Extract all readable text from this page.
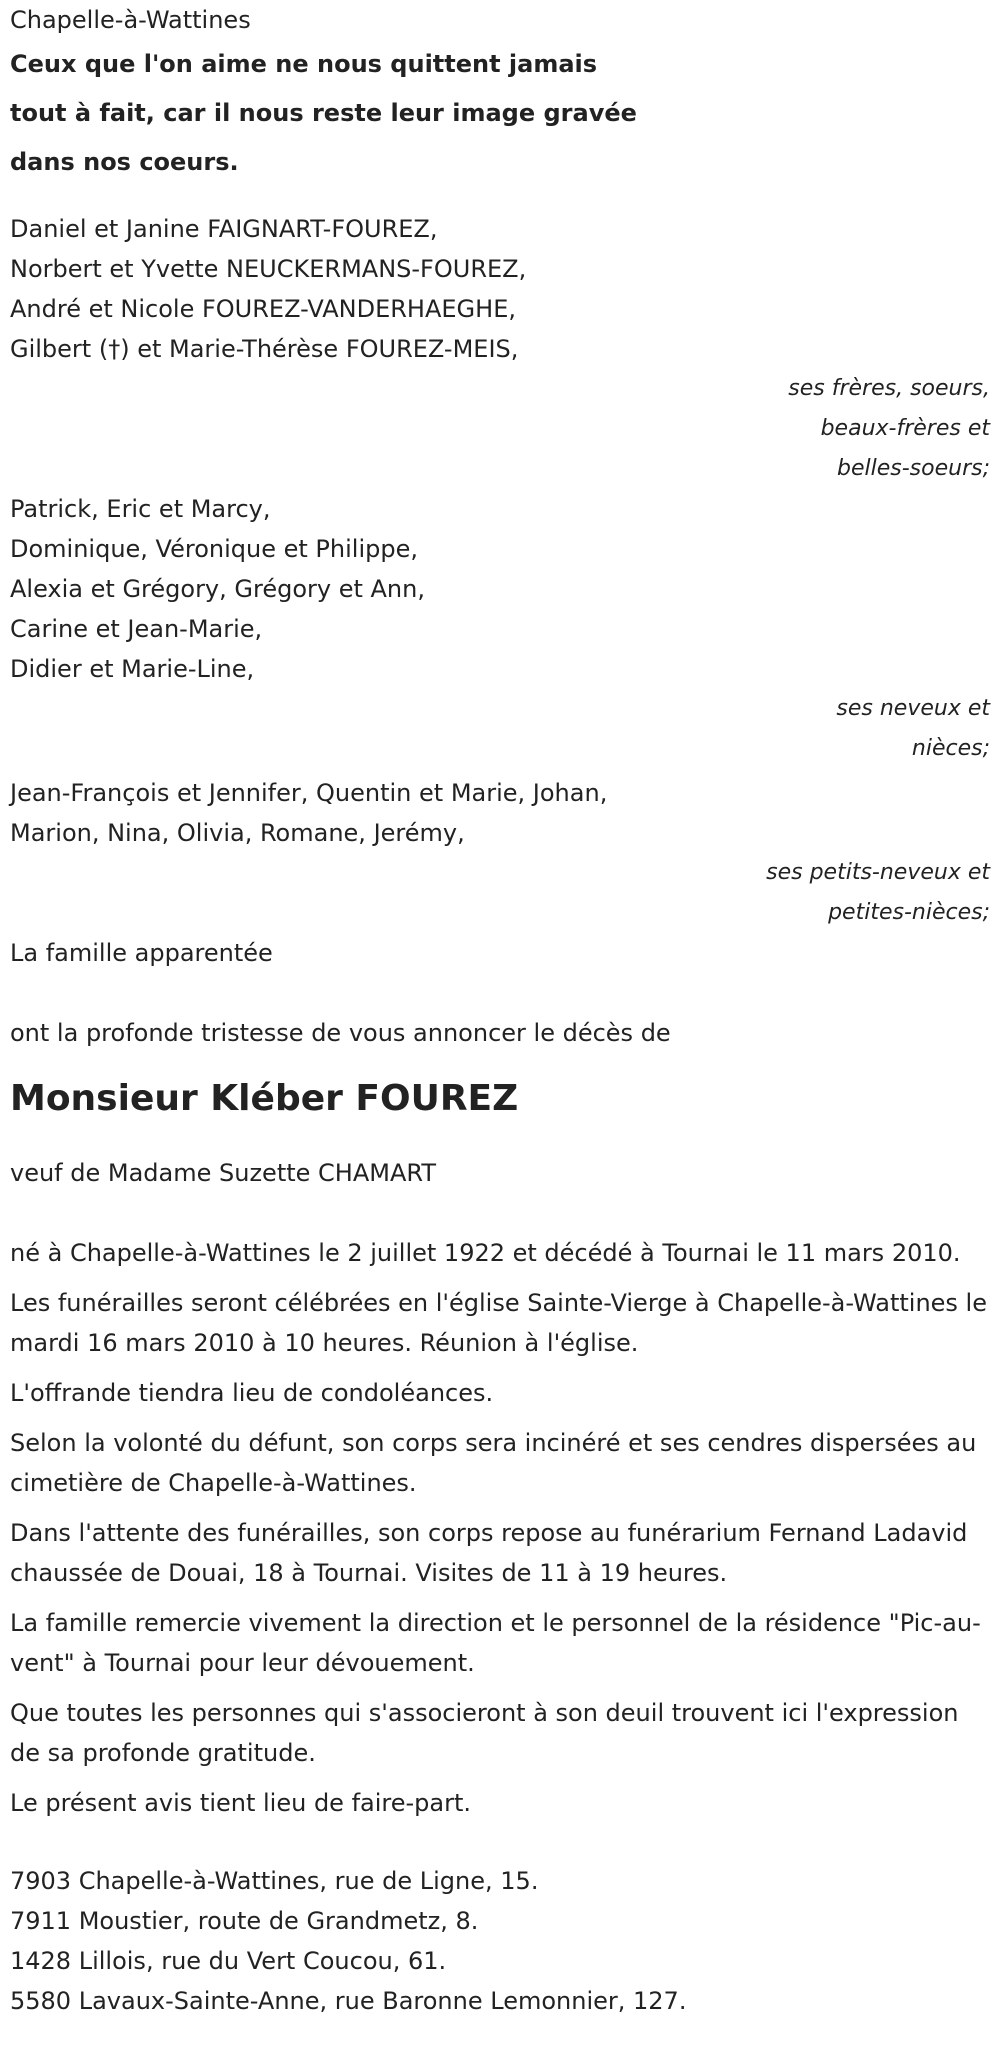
Chapelle-à-Wattines
Ceux que l'on aime ne nous quittent jamais
tout à fait, car il nous reste leur image gravée
dans nos coeurs.
Daniel et Janine FAIGNART-FOUREZ,
Norbert et Yvette NEUCKERMANS-FOUREZ,
André et Nicole FOUREZ-VANDERHAEGHE,
Gilbert (†) et Marie-Thérèse FOUREZ-MEIS,
ses frères, soeurs,
beaux-frères et
belles-soeurs;
Patrick, Eric et Marcy,
Dominique, Véronique et Philippe,
Alexia et Grégory, Grégory et Ann,
Carine et Jean-Marie,
Didier et Marie-Line,
ses neveux et
nièces;
Jean-François et Jennifer, Quentin et Marie, Johan,
Marion, Nina, Olivia, Romane, Jerémy,
ses petits-neveux et
petites-nièces;
La famille apparentée
ont la profonde tristesse de vous annoncer le décès de
Monsieur Kléber FOUREZ
veuf de Madame Suzette CHAMART
né à Chapelle-à-Wattines le 2 juillet 1922 et décédé à Tournai le 11 mars 2010.
Les funérailles seront célébrées en l'église Sainte-Vierge à Chapelle-à-Wattines le mardi 16 mars 2010 à 10 heures. Réunion à l'église.
L'offrande tiendra lieu de condoléances.
Selon la volonté du défunt, son corps sera incinéré et ses cendres dispersées au cimetière de Chapelle-à-Wattines.
Dans l'attente des funérailles, son corps repose au funérarium Fernand Ladavid chaussée de Douai, 18 à Tournai. Visites de 11 à 19 heures.
La famille remercie vivement la direction et le personnel de la résidence "Pic-au-vent" à Tournai pour leur dévouement.
Que toutes les personnes qui s'associeront à son deuil trouvent ici l'expression de sa profonde gratitude.
Le présent avis tient lieu de faire-part.
7903 Chapelle-à-Wattines, rue de Ligne, 15.
7911 Moustier, route de Grandmetz, 8.
1428 Lillois, rue du Vert Coucou, 61.
5580 Lavaux-Sainte-Anne, rue Baronne Lemonnier, 127.
